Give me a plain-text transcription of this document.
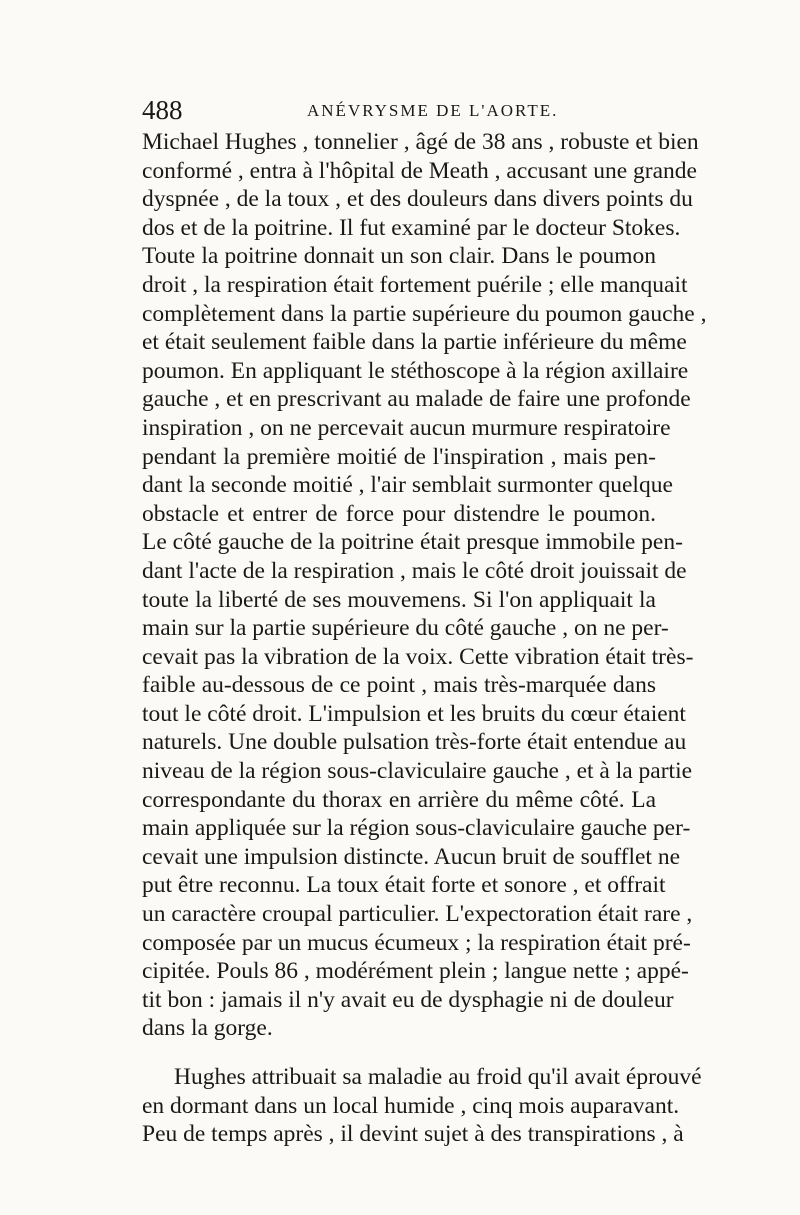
488	ANÉVRYSME DE L'AORTE.
Michael Hughes , tonnelier , âgé de 38 ans , robuste et bien
conformé , entra à l'hôpital de Meath , accusant une grande
dyspnée , de la toux , et des douleurs dans divers points du
dos et de la poitrine. Il fut examiné par le docteur Stokes.
Toute la poitrine donnait un son clair. Dans le poumon
droit , la respiration était fortement puérile ; elle manquait
complètement dans la partie supérieure du poumon gauche ,
et était seulement faible dans la partie inférieure du même
poumon. En appliquant le stéthoscope à la région axillaire
gauche , et en prescrivant au malade de faire une profonde
inspiration , on ne percevait aucun murmure respiratoire
pendant la première moitié de l'inspiration , mais pen-
dant la seconde moitié , l'air semblait surmonter quelque
obstacle et entrer de force pour distendre le poumon.
Le côté gauche de la poitrine était presque immobile pen-
dant l'acte de la respiration , mais le côté droit jouissait de
toute la liberté de ses mouvemens. Si l'on appliquait la
main sur la partie supérieure du côté gauche , on ne per-
cevait pas la vibration de la voix. Cette vibration était très-
faible au-dessous de ce point , mais très-marquée dans
tout le côté droit. L'impulsion et les bruits du cœur étaient
naturels. Une double pulsation très-forte était entendue au
niveau de la région sous-claviculaire gauche , et à la partie
correspondante du thorax en arrière du même côté. La
main appliquée sur la région sous-claviculaire gauche per-
cevait une impulsion distincte. Aucun bruit de soufflet ne
put être reconnu. La toux était forte et sonore , et offrait
un caractère croupal particulier. L'expectoration était rare ,
composée par un mucus écumeux ; la respiration était pré-
cipitée. Pouls 86 , modérément plein ; langue nette ; appé-
tit bon : jamais il n'y avait eu de dysphagie ni de douleur
dans la gorge.
Hughes attribuait sa maladie au froid qu'il avait éprouvé
en dormant dans un local humide , cinq mois auparavant.
Peu de temps après , il devint sujet à des transpirations , à
